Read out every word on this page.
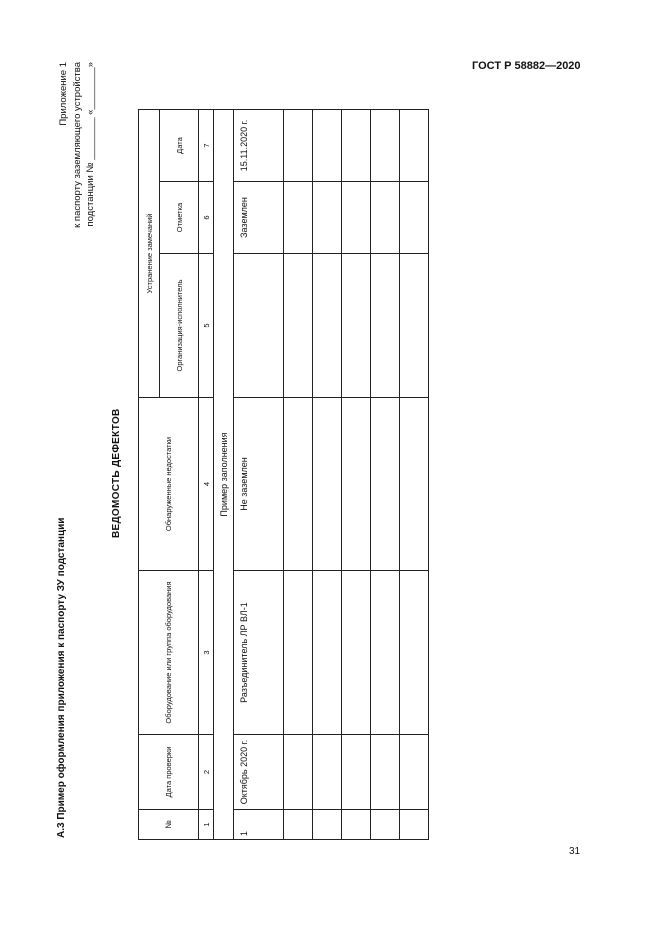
ГОСТ Р 58882—2020
А.3 Пример оформления приложения к паспорту ЗУ подстанции
Приложение 1 к паспорту заземляющего устройства подстанции № ________ «________»
ВЕДОМОСТЬ ДЕФЕКТОВ
№	Дата проверки	Оборудование или группа оборудования	Обнаруженные недостатки	Устранение замечаний		
				Организация-исполнитель	Отметка	Дата
1	2	3	4	5	6	7
Пример заполнения						
1	Октябрь 2020 г.	Разъединитель ЛР ВЛ-1	Не заземлен		Заземлен	15.11.2020 г.

31
